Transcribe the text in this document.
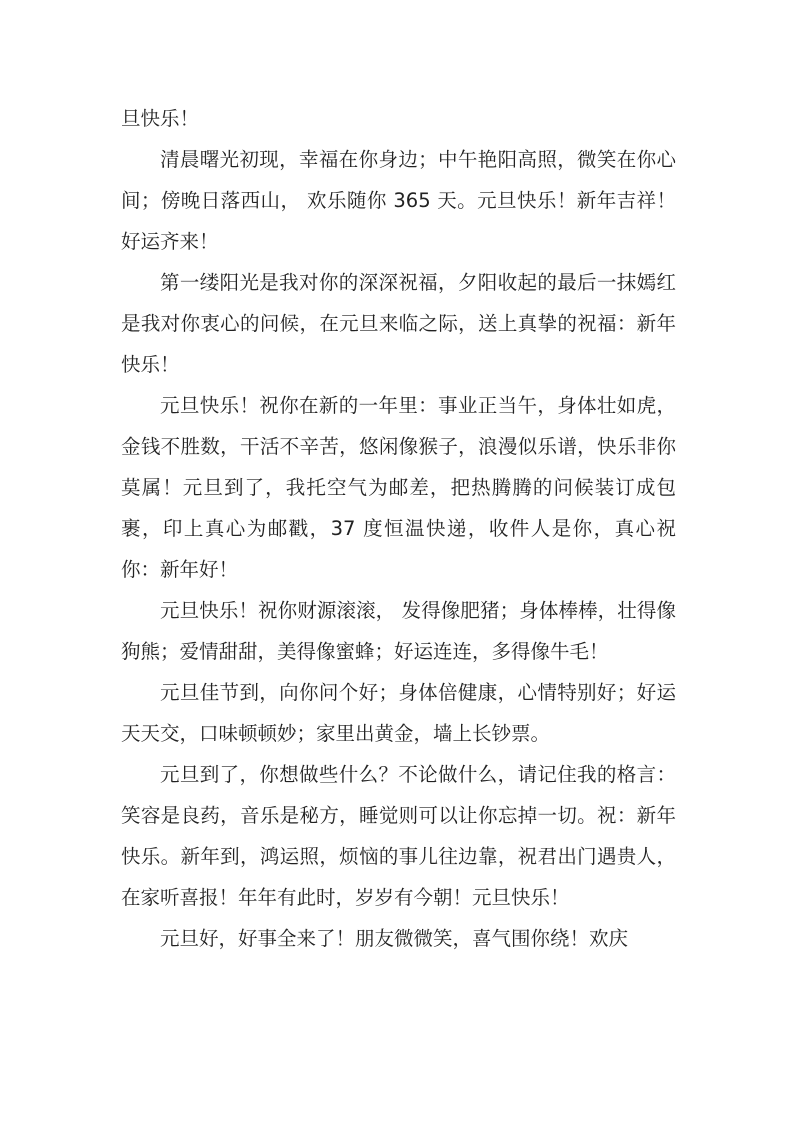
旦快乐！

清晨曙光初现，幸福在你身边；中午艳阳高照，微笑在你心间；傍晚日落西山， 欢乐随你 365 天。元旦快乐！新年吉祥！好运齐来！

第一缕阳光是我对你的深深祝福，夕阳收起的最后一抹嫣红是我对你衷心的问候，在元旦来临之际，送上真挚的祝福：新年快乐！

元旦快乐！祝你在新的一年里：事业正当午，身体壮如虎，金钱不胜数，干活不辛苦，悠闲像猴子，浪漫似乐谱，快乐非你莫属！元旦到了，我托空气为邮差，把热腾腾的问候装订成包裹，印上真心为邮戳，37 度恒温快递，收件人是你，真心祝你：新年好！

元旦快乐！祝你财源滚滚， 发得像肥猪；身体棒棒，壮得像狗熊；爱情甜甜，美得像蜜蜂；好运连连，多得像牛毛！

元旦佳节到，向你问个好；身体倍健康，心情特别好；好运天天交，口味顿顿妙；家里出黄金，墙上长钞票。

元旦到了，你想做些什么？不论做什么，请记住我的格言：笑容是良药，音乐是秘方，睡觉则可以让你忘掉一切。祝：新年快乐。新年到，鸿运照，烦恼的事儿往边靠，祝君出门遇贵人，在家听喜报！年年有此时，岁岁有今朝！元旦快乐！

元旦好，好事全来了！朋友微微笑，喜气围你绕！欢庆
